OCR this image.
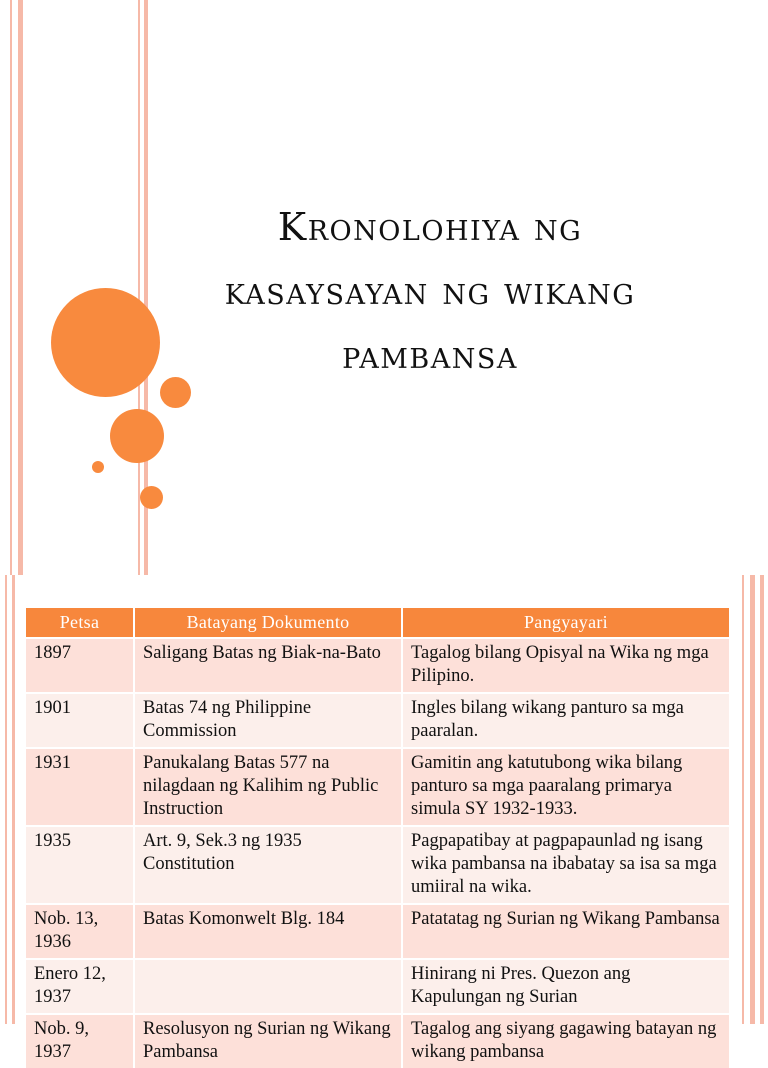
Kronolohiya ng kasaysayan ng wikang pambansa
Petsa	Batayang Dokumento	Pangyayari
1897	Saligang Batas ng Biak-na-Bato	Tagalog bilang Opisyal na Wika ng mga Pilipino.
1901	Batas 74 ng Philippine Commission	Ingles bilang wikang panturo sa mga paaralan.
1931	Panukalang Batas 577 na nilagdaan ng Kalihim ng Public Instruction	Gamitin ang katutubong wika bilang panturo sa mga paaralang primarya simula SY 1932-1933.
1935	Art. 9, Sek.3 ng 1935 Constitution	Pagpapatibay at pagpapaunlad ng isang wika pambansa na ibabatay sa isa sa mga umiiral na wika.
Nob. 13, 1936	Batas Komonwelt Blg. 184	Patatatag ng Surian ng Wikang Pambansa
Enero 12, 1937		Hinirang ni Pres. Quezon ang Kapulungan ng Surian
Nob. 9, 1937	Resolusyon ng Surian ng Wikang Pambansa	Tagalog ang siyang gagawing batayan ng wikang pambansa
